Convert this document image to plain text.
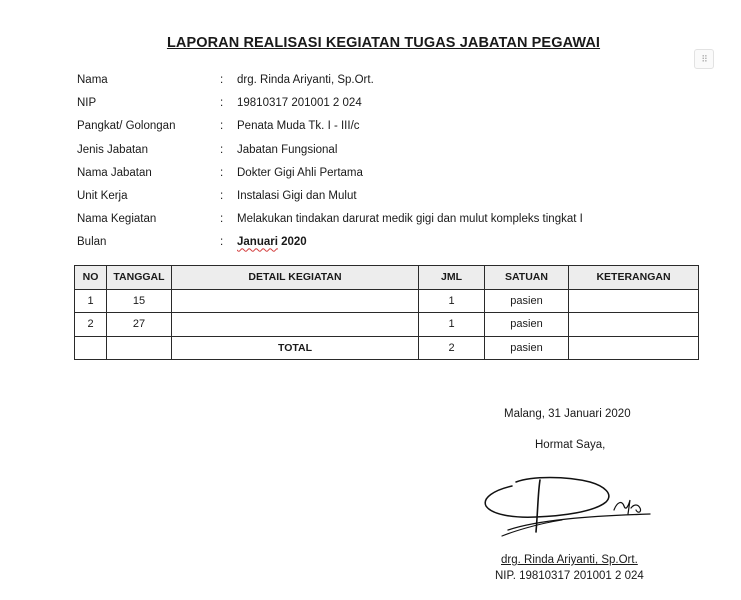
LAPORAN REALISASI KEGIATAN TUGAS JABATAN PEGAWAI
⠿
Nama	: drg. Rinda Ariyanti, Sp.Ort.
NIP	: 19810317 201001 2 024
Pangkat/ Golongan	: Penata Muda Tk. I - III/c
Jenis Jabatan	: Jabatan Fungsional
Nama Jabatan	: Dokter Gigi Ahli Pertama
Unit Kerja	: Instalasi Gigi dan Mulut
Nama Kegiatan	: Melakukan tindakan darurat medik gigi dan mulut kompleks tingkat I
Bulan	: Januari 2020
NO	TANGGAL	DETAIL KEGIATAN	JML	SATUAN	KETERANGAN
1	15		1	pasien	
2	27		1	pasien	
		TOTAL	2	pasien	
Malang, 31 Januari 2020
Hormat Saya,
drg. Rinda Ariyanti, Sp.Ort.
NIP. 19810317 201001 2 024
